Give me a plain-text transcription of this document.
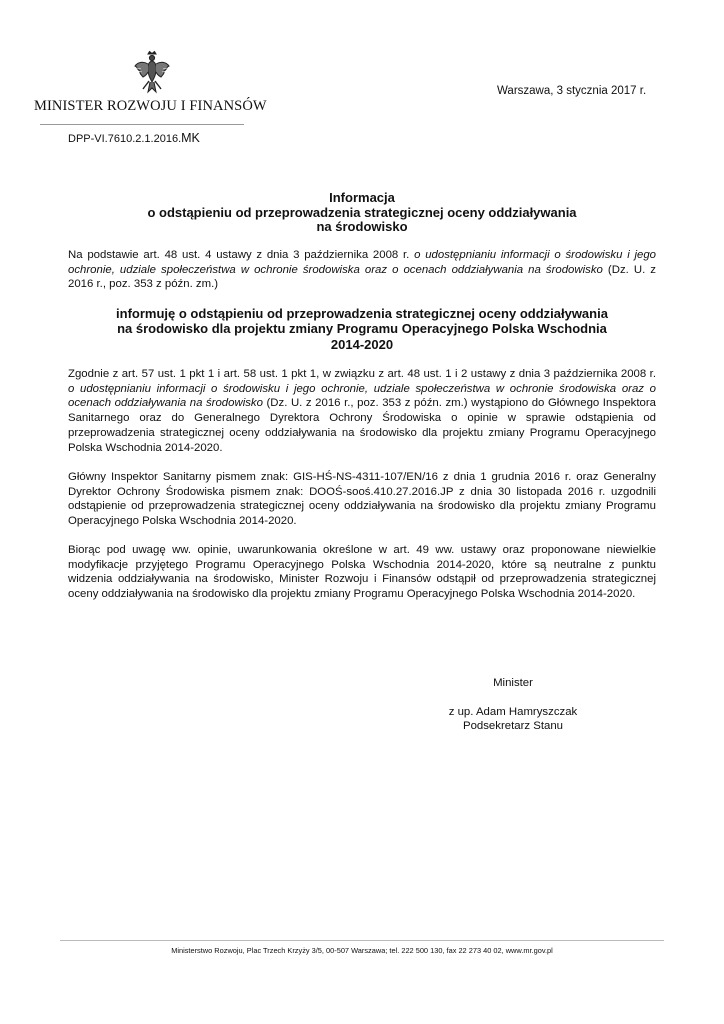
MINISTER ROZWOJU I FINANSÓW
Warszawa, 3 stycznia 2017 r.
DPP-VI.7610.2.1.2016.MK
Informacja
o odstąpieniu od przeprowadzenia strategicznej oceny oddziaływania
na środowisko
Na podstawie art. 48 ust. 4 ustawy z dnia 3 października 2008 r. o udostępnianiu informacji o środowisku i jego ochronie, udziale społeczeństwa w ochronie środowiska oraz o ocenach oddziaływania na środowisko (Dz. U. z 2016 r., poz. 353 z późn. zm.)
informuję o odstąpieniu od przeprowadzenia strategicznej oceny oddziaływania
na środowisko dla projektu zmiany Programu Operacyjnego Polska Wschodnia
2014-2020
Zgodnie z art. 57 ust. 1 pkt 1 i art. 58 ust. 1 pkt 1, w związku z art. 48 ust. 1 i 2 ustawy z dnia 3 października 2008 r. o udostępnianiu informacji o środowisku i jego ochronie, udziale społeczeństwa w ochronie środowiska oraz o ocenach oddziaływania na środowisko (Dz. U. z 2016 r., poz. 353 z późn. zm.) wystąpiono do Głównego Inspektora Sanitarnego oraz do Generalnego Dyrektora Ochrony Środowiska o opinie w sprawie odstąpienia od przeprowadzenia strategicznej oceny oddziaływania na środowisko dla projektu zmiany Programu Operacyjnego Polska Wschodnia 2014-2020.
Główny Inspektor Sanitarny pismem znak: GIS-HŚ-NS-4311-107/EN/16 z dnia 1 grudnia 2016 r. oraz Generalny Dyrektor Ochrony Środowiska pismem znak: DOOŚ-sooś.410.27.2016.JP z dnia 30 listopada 2016 r. uzgodnili odstąpienie od przeprowadzenia strategicznej oceny oddziaływania na środowisko dla projektu zmiany Programu Operacyjnego Polska Wschodnia 2014-2020.
Biorąc pod uwagę ww. opinie, uwarunkowania określone w art. 49 ww. ustawy oraz proponowane niewielkie modyfikacje przyjętego Programu Operacyjnego Polska Wschodnia 2014-2020, które są neutralne z punktu widzenia oddziaływania na środowisko, Minister Rozwoju i Finansów odstąpił od przeprowadzenia strategicznej oceny oddziaływania na środowisko dla projektu zmiany Programu Operacyjnego Polska Wschodnia 2014-2020.
Minister
z up. Adam Hamryszczak
Podsekretarz Stanu
Ministerstwo Rozwoju, Plac Trzech Krzyży 3/5, 00-507 Warszawa; tel. 222 500 130, fax 22 273 40 02, www.mr.gov.pl
